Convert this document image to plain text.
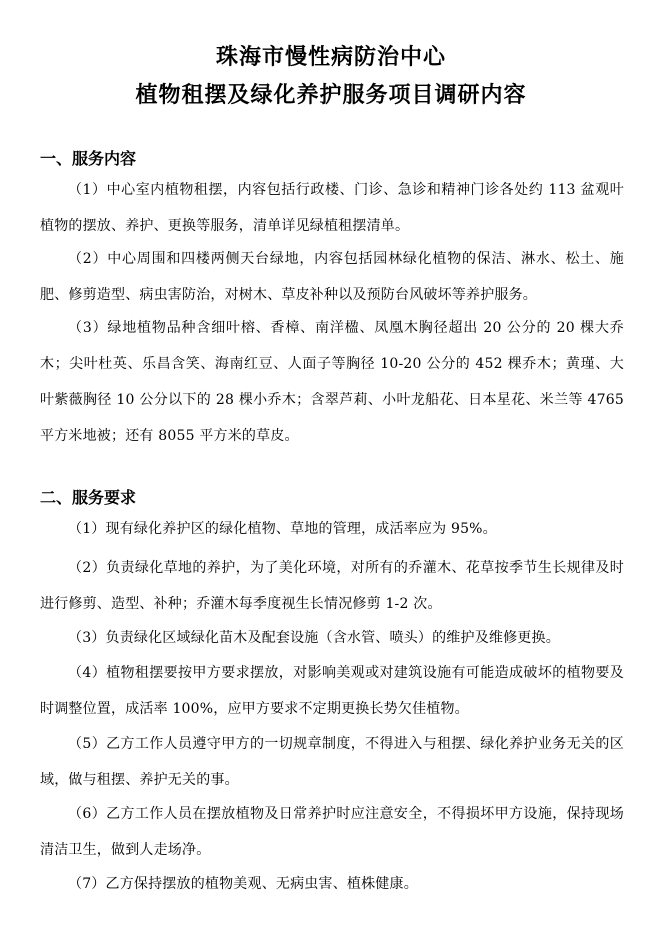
珠海市慢性病防治中心
植物租摆及绿化养护服务项目调研内容
一、服务内容
（1）中心室内植物租摆，内容包括行政楼、门诊、急诊和精神门诊各处约 113 盆观叶植物的摆放、养护、更换等服务，清单详见绿植租摆清单。
（2）中心周围和四楼两侧天台绿地，内容包括园林绿化植物的保洁、淋水、松土、施肥、修剪造型、病虫害防治，对树木、草皮补种以及预防台风破坏等养护服务。
（3）绿地植物品种含细叶榕、香樟、南洋楹、凤凰木胸径超出 20 公分的 20 棵大乔木；尖叶杜英、乐昌含笑、海南红豆、人面子等胸径 10-20 公分的 452 棵乔木；黄瑾、大叶紫薇胸径 10 公分以下的 28 棵小乔木；含翠芦莉、小叶龙船花、日本星花、米兰等 4765 平方米地被；还有 8055 平方米的草皮。
二、服务要求
（1）现有绿化养护区的绿化植物、草地的管理，成活率应为 95%。
（2）负责绿化草地的养护，为了美化环境，对所有的乔灌木、花草按季节生长规律及时进行修剪、造型、补种；乔灌木每季度视生长情况修剪 1-2 次。
（3）负责绿化区域绿化苗木及配套设施（含水管、喷头）的维护及维修更换。
（4）植物租摆要按甲方要求摆放，对影响美观或对建筑设施有可能造成破坏的植物要及时调整位置，成活率 100%，应甲方要求不定期更换长势欠佳植物。
（5）乙方工作人员遵守甲方的一切规章制度，不得进入与租摆、绿化养护业务无关的区域，做与租摆、养护无关的事。
（6）乙方工作人员在摆放植物及日常养护时应注意安全，不得损坏甲方设施，保持现场清洁卫生，做到人走场净。
（7）乙方保持摆放的植物美观、无病虫害、植株健康。
